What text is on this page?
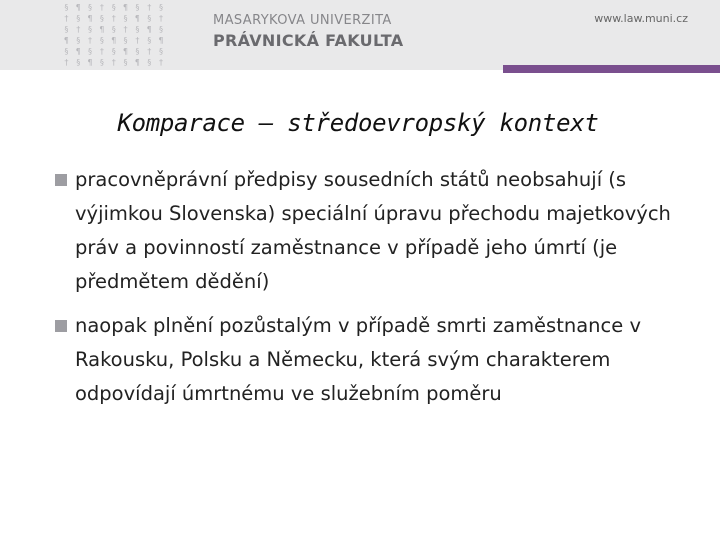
§ ¶ § † § ¶ § † §
† § ¶ § † § ¶ § †
§ † § ¶ § † § ¶ §
¶ § † § ¶ § † § ¶
§ ¶ § † § ¶ § † §
† § ¶ § † § ¶ § †
MASARYKOVA UNIVERZITA
PRÁVNICKÁ FAKULTA
www.law.muni.cz
Komparace – středoevropský kontext
pracovněprávní předpisy sousedních států neobsahují (s výjimkou Slovenska) speciální úpravu přechodu majetkových práv a povinností zaměstnance v případě jeho úmrtí (je předmětem dědění)
naopak plnění pozůstalým v případě smrti zaměstnance v Rakousku, Polsku a Německu, která svým charakterem odpovídají úmrtnému ve služebním poměru
